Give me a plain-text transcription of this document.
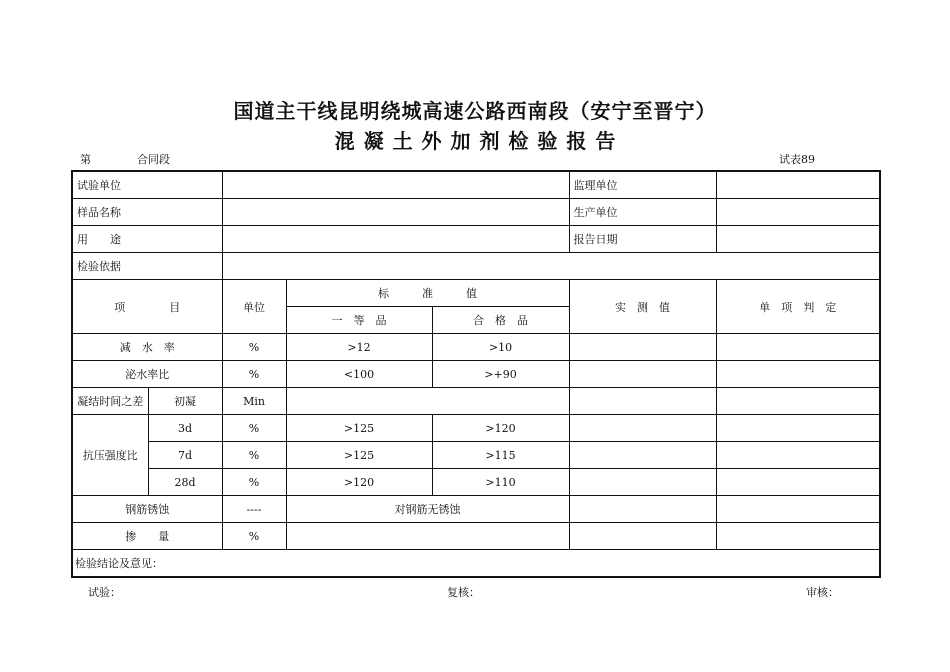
国道主干线昆明绕城高速公路西南段（安宁至晋宁）
混 凝 土 外 加 剂 检 验 报 告
第	合同段	试表89
试验单位					监理单位	
样品名称					生产单位	
用　　途					报告日期	
检验依据						
项　　　　目		单位	标　　　准　　　值		实　测　值	单　项　判　定
			一　等　品	合　格　品		
减　水　率		%	>12	>10		
泌水率比		%	<100	>+90		
凝结时间之差	初凝	Min				
抗压强度比	3d	%	>125	>120		
	7d	%	>125	>115		
	28d	%	>120	>110		
钢筋锈蚀		----	对钢筋无锈蚀			
掺　　量		%				
检验结论及意见：						
试验：	复核：	审核：
